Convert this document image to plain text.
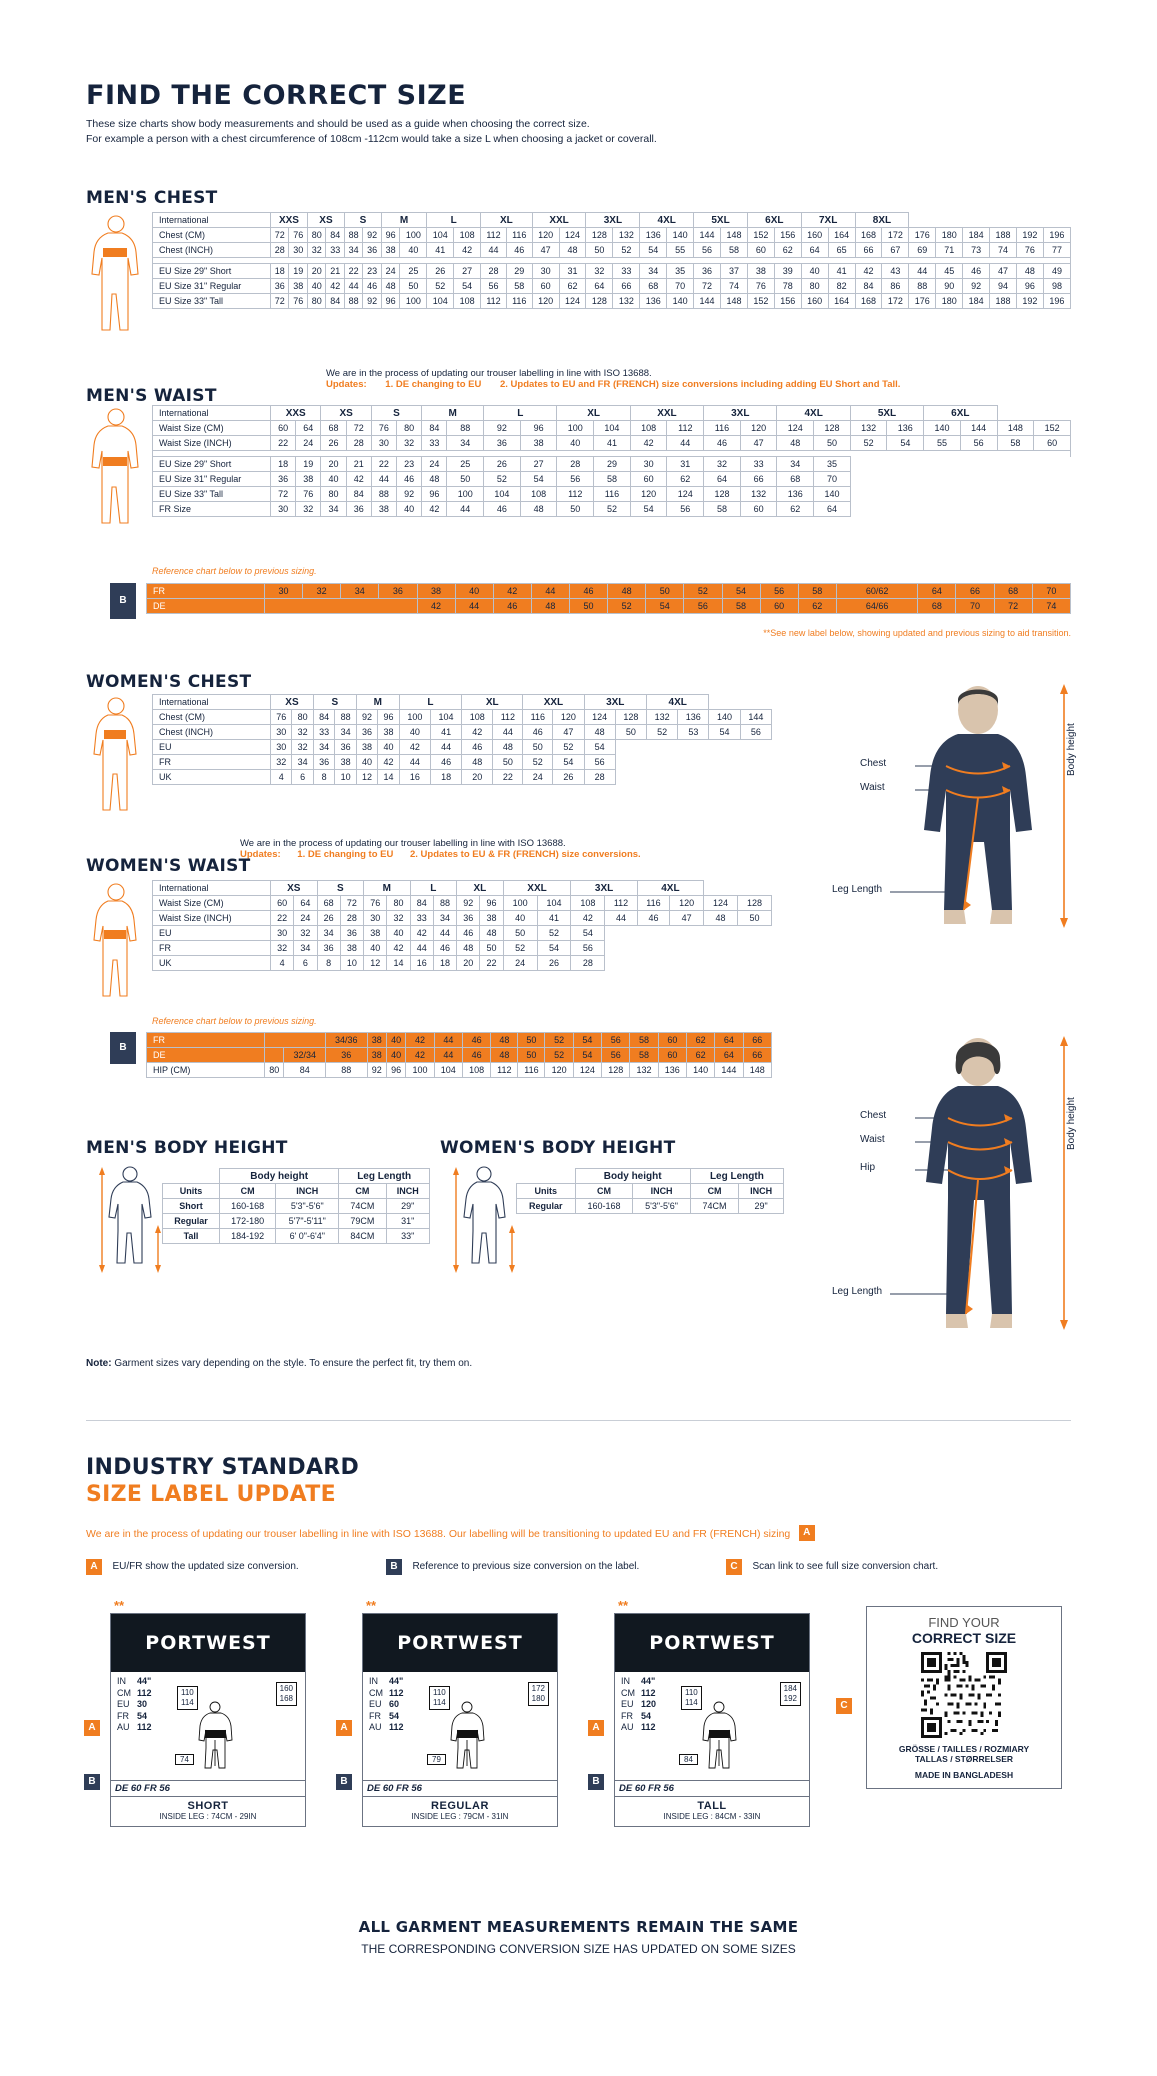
FIND THE CORRECT SIZE
These size charts show body measurements and should be used as a guide when choosing the correct size.
For example a person with a chest circumference of 108cm -112cm would take a size L when choosing a jacket or coverall.
MEN'S CHEST
International	XXS		XS		S		M		L		XL		XXL		3XL		4XL		5XL		6XL		7XL		8XL							
Chest (CM)	72	76	80	84	88	92	96	100	104	108	112	116	120	124	128	132	136	140	144	148	152	156	160	164	168	172	176	180	184	188	192	196
Chest (INCH)	28	30	32	33	34	36	38	40	41	42	44	46	47	48	50	52	54	55	56	58	60	62	64	65	66	67	69	71	73	74	76	77

EU Size 29" Short	18	19	20	21	22	23	24	25	26	27	28	29	30	31	32	33	34	35	36	37	38	39	40	41	42	43	44	45	46	47	48	49
EU Size 31" Regular	36	38	40	42	44	46	48	50	52	54	56	58	60	62	64	66	68	70	72	74	76	78	80	82	84	86	88	90	92	94	96	98
EU Size 33" Tall	72	76	80	84	88	92	96	100	104	108	112	116	120	124	128	132	136	140	144	148	152	156	160	164	168	172	176	180	184	188	192	196
We are in the process of updating our trouser labelling in line with ISO 13688.
Updates: 1. DE changing to EU 2. Updates to EU and FR (FRENCH) size conversions including adding EU Short and Tall.
MEN'S WAIST
International	XXS		XS		S		M		L		XL		XXL		3XL		4XL		5XL		6XL			
Waist Size (CM)	60	64	68	72	76	80	84	88	92	96	100	104	108	112	116	120	124	128	132	136	140	144	148	152
Waist Size (INCH)	22	24	26	28	30	32	33	34	36	38	40	41	42	44	46	47	48	50	52	54	55	56	58	60

EU Size 29" Short	18	19	20	21	22	23	24	25	26	27	28	29	30	31	32	33	34	35						
EU Size 31" Regular	36	38	40	42	44	46	48	50	52	54	56	58	60	62	64	66	68	70						
EU Size 33" Tall	72	76	80	84	88	92	96	100	104	108	112	116	120	124	128	132	136	140						
FR Size	30	32	34	36	38	40	42	44	46	48	50	52	54	56	58	60	62	64						
Reference chart below to previous sizing.
B
FR	30	32	34	36	38	40	42	44	46	48	50	52	54	56	58	60/62	64	66	68	70
DE					42	44	46	48	50	52	54	56	58	60	62	64/66	68	70	72	74
**See new label below, showing updated and previous sizing to aid transition.
WOMEN'S CHEST
International	XS		S		M		L		XL		XXL		3XL		4XL			
Chest (CM)	76	80	84	88	92	96	100	104	108	112	116	120	124	128	132	136	140	144
Chest (INCH)	30	32	33	34	36	38	40	41	42	44	46	47	48	50	52	53	54	56
EU	30	32	34	36	38	40	42	44	46	48	50	52	54					
FR	32	34	36	38	40	42	44	46	48	50	52	54	56					
UK	4	6	8	10	12	14	16	18	20	22	24	26	28					
We are in the process of updating our trouser labelling in line with ISO 13688.
Updates: 1. DE changing to EU 2. Updates to EU & FR (FRENCH) size conversions.
WOMEN'S WAIST
International	XS		S		M		L		XL		XXL		3XL		4XL			
Waist Size (CM)	60	64	68	72	76	80	84	88	92	96	100	104	108	112	116	120	124	128
Waist Size (INCH)	22	24	26	28	30	32	33	34	36	38	40	41	42	44	46	47	48	50
EU	30	32	34	36	38	40	42	44	46	48	50	52	54					
FR	32	34	36	38	40	42	44	46	48	50	52	54	56					
UK	4	6	8	10	12	14	16	18	20	22	24	26	28					
Reference chart below to previous sizing.
B
FR			34/36	38	40	42	44	46	48	50	52	54	56	58	60	62	64	66
DE		32/34	36	38	40	42	44	46	48	50	52	54	56	58	60	62	64	66
HIP (CM)	80	84	88	92	96	100	104	108	112	116	120	124	128	132	136	140	144	148
Chest
Waist
Leg Length
Body height
Chest
Waist
Hip
Leg Length
Body height
MEN'S BODY HEIGHT	WOMEN'S BODY HEIGHT
	Body height		Leg Length	
Units	CM	INCH	CM	INCH
Short	160-168	5'3"-5'6"	74CM	29"
Regular	172-180	5'7"-5'11"	79CM	31"
Tall	184-192	6' 0"-6'4"	84CM	33"
	Body height		Leg Length	
Units	CM	INCH	CM	INCH
Regular	160-168	5'3"-5'6"	74CM	29"
Note: Garment sizes vary depending on the style. To ensure the perfect fit, try them on.
INDUSTRY STANDARD
SIZE LABEL UPDATE
We are in the process of updating our trouser labelling in line with ISO 13688. Our labelling will be transitioning to updated EU and FR (FRENCH) sizing A
A EU/FR show the updated size conversion.	B Reference to previous size conversion on the label.	C Scan link to see full size conversion chart.
**
PORTWEST
IN 44"
CM 112
EU 30
FR 54
AU 112
110
114
160
168
74
DE 60 FR 56
SHORT
INSIDE LEG : 74CM - 29IN
A
B
**
PORTWEST
IN 44"
CM 112
EU 60
FR 54
AU 112
110
114
172
180
79
DE 60 FR 56
REGULAR
INSIDE LEG : 79CM - 31IN
A
B
**
PORTWEST
IN 44"
CM 112
EU 120
FR 54
AU 112
110
114
184
192
84
DE 60 FR 56
TALL
INSIDE LEG : 84CM - 33IN
A
B
C
FIND YOUR
CORRECT SIZE
GRÖSSE / TAILLES / ROZMIARY
TALLAS / STØRRELSER
MADE IN BANGLADESH
ALL GARMENT MEASUREMENTS REMAIN THE SAME
THE CORRESPONDING CONVERSION SIZE HAS UPDATED ON SOME SIZES
